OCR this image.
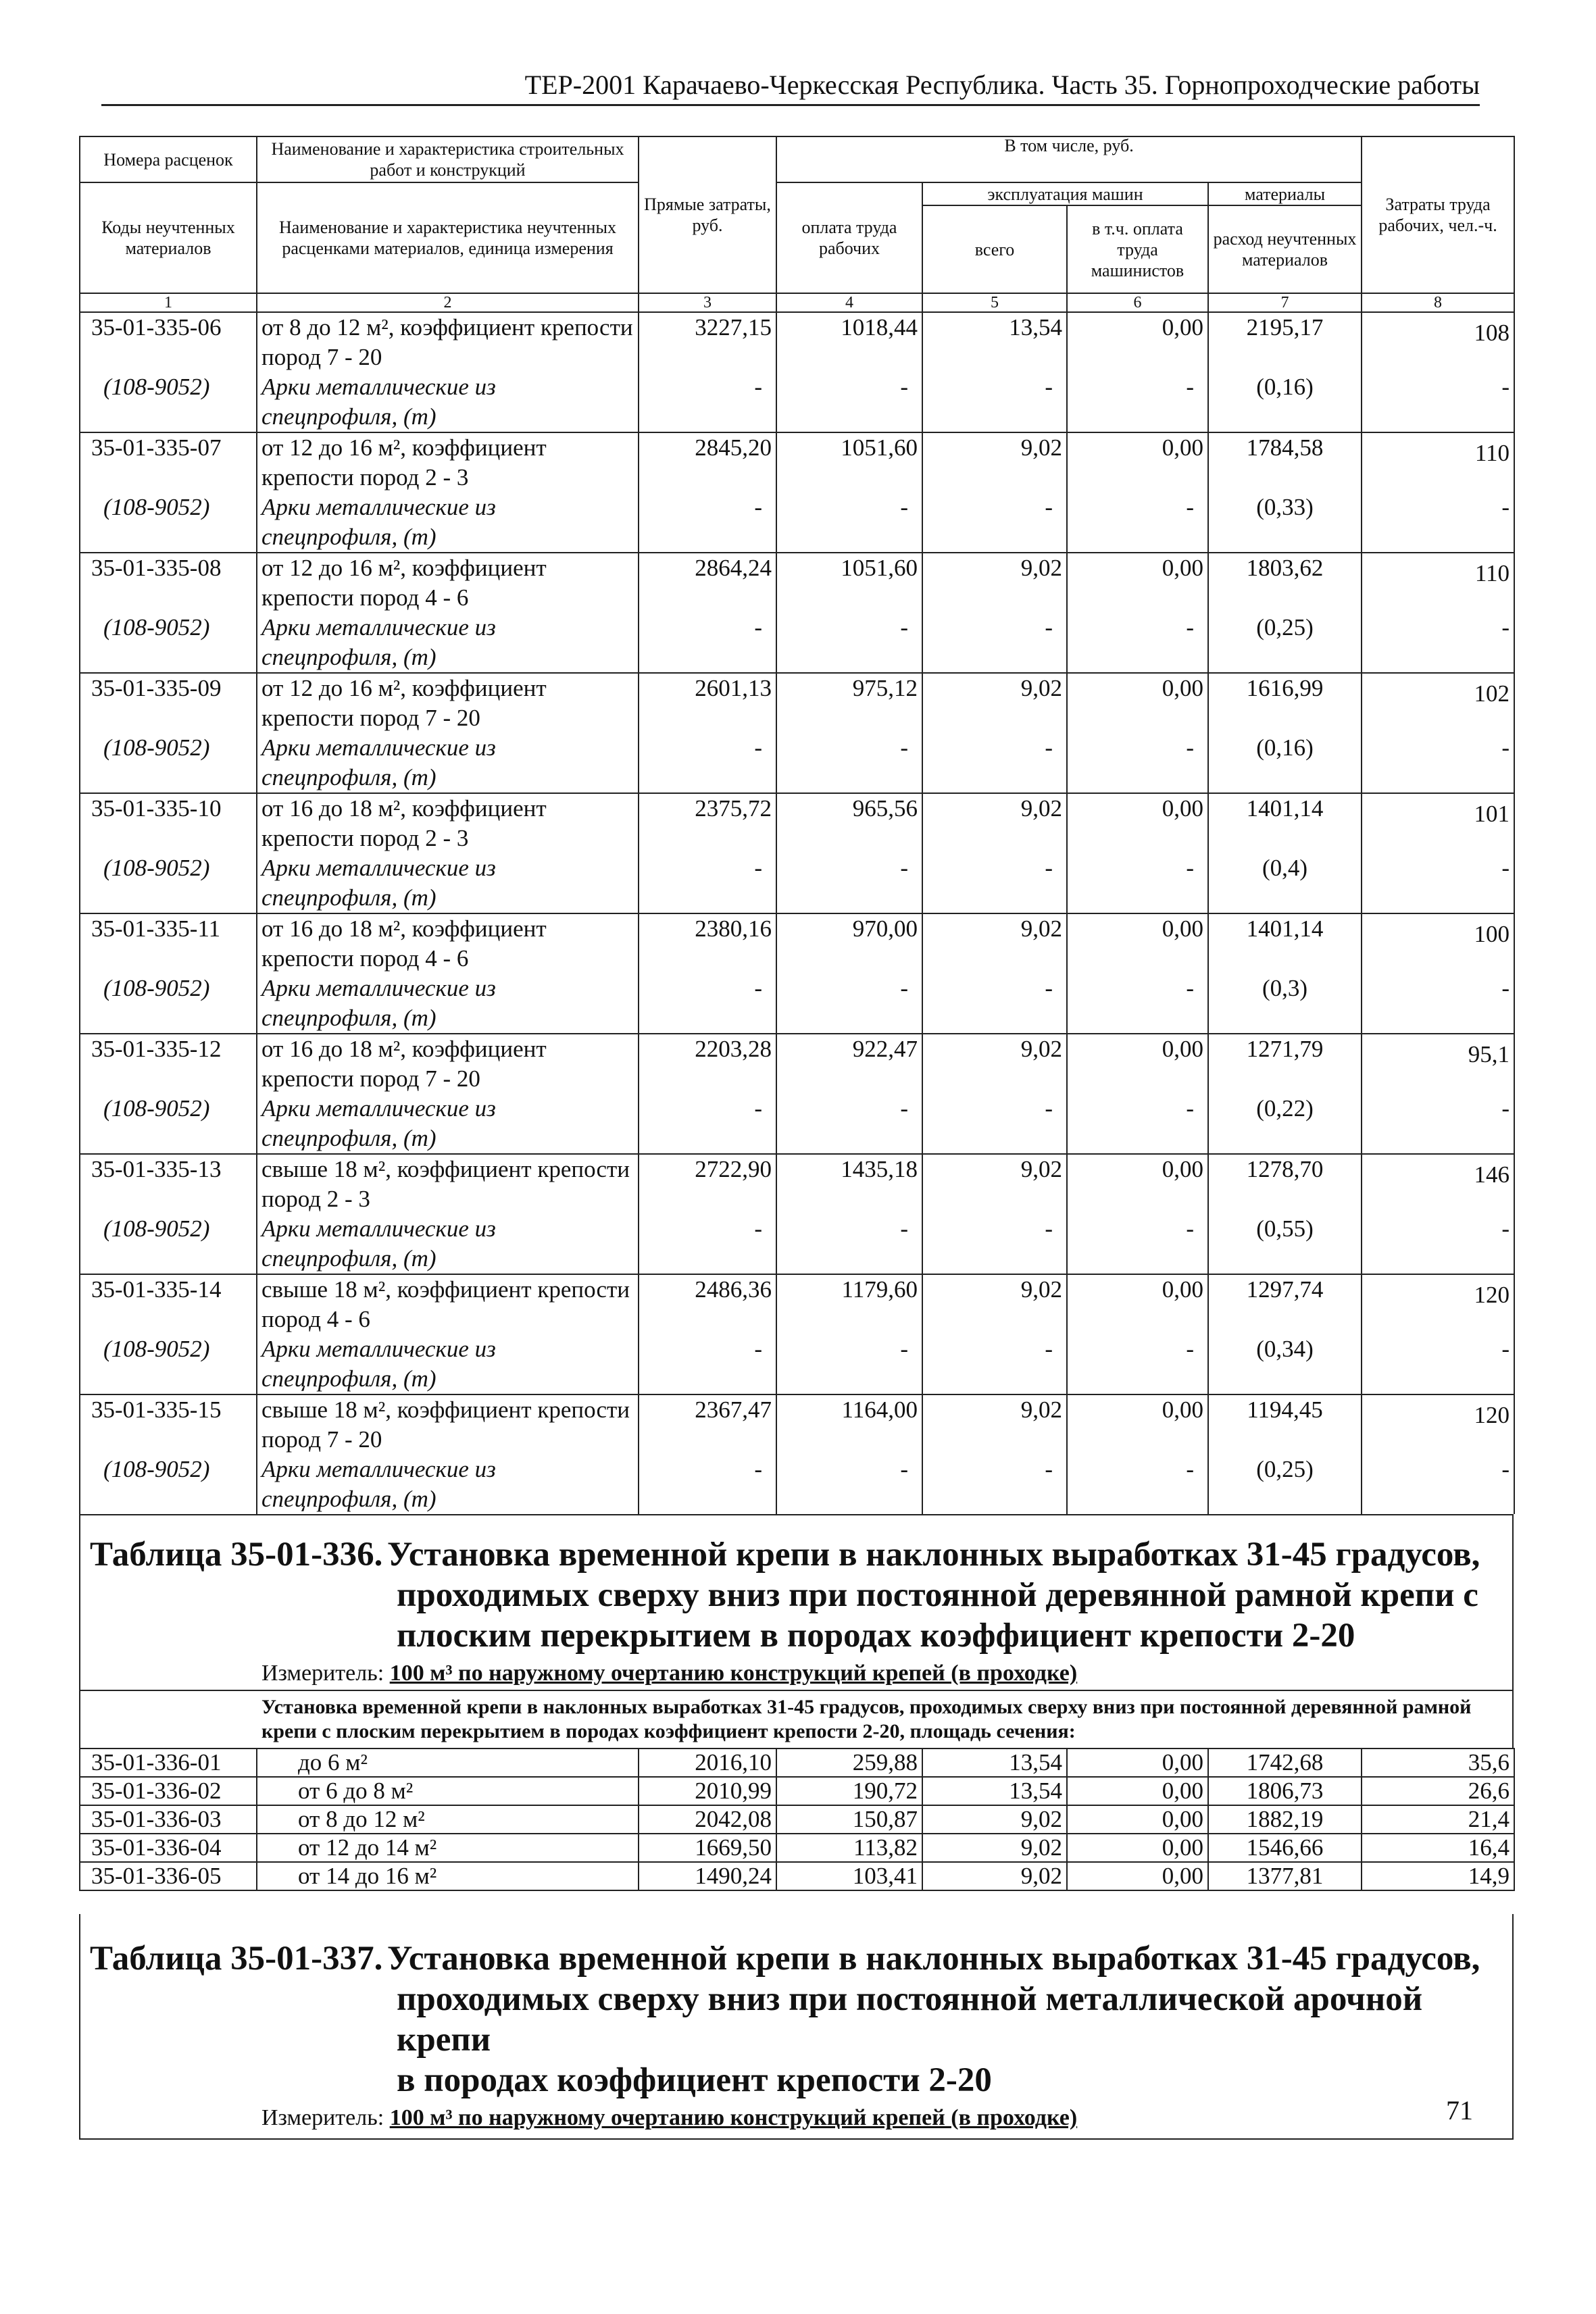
ТЕР-2001 Карачаево-Черкесская Республика. Часть 35. Горнопроходческие работы
Номера расценок	Наименование и характеристика строительных работ и конструкций	Прямые затраты, руб.	В том числе, руб.				Затраты труда рабочих, чел.-ч.
Коды неучтенных материалов	Наименование и характеристика неучтенных расценками материалов, единица измерения		оплата труда рабочих	эксплуатация машин		материалы	
				всего	в т.ч. оплата труда машинистов	расход неучтенных материалов	
1	2	3	4	5	6	7	8
35-01-335-06	от 8 до 12 м², коэффициент крепости пород 7 - 20	3227,15	1018,44	13,54	0,00	2195,17	108
(108-9052)	Арки металлические из спецпрофиля, (т)	-	-	-	-	(0,16)	-
35-01-335-07	от 12 до 16 м², коэффициент крепости пород 2 - 3	2845,20	1051,60	9,02	0,00	1784,58	110
(108-9052)	Арки металлические из спецпрофиля, (т)	-	-	-	-	(0,33)	-
35-01-335-08	от 12 до 16 м², коэффициент крепости пород 4 - 6	2864,24	1051,60	9,02	0,00	1803,62	110
(108-9052)	Арки металлические из спецпрофиля, (т)	-	-	-	-	(0,25)	-
35-01-335-09	от 12 до 16 м², коэффициент крепости пород 7 - 20	2601,13	975,12	9,02	0,00	1616,99	102
(108-9052)	Арки металлические из спецпрофиля, (т)	-	-	-	-	(0,16)	-
35-01-335-10	от 16 до 18 м², коэффициент крепости пород 2 - 3	2375,72	965,56	9,02	0,00	1401,14	101
(108-9052)	Арки металлические из спецпрофиля, (т)	-	-	-	-	(0,4)	-
35-01-335-11	от 16 до 18 м², коэффициент крепости пород 4 - 6	2380,16	970,00	9,02	0,00	1401,14	100
(108-9052)	Арки металлические из спецпрофиля, (т)	-	-	-	-	(0,3)	-
35-01-335-12	от 16 до 18 м², коэффициент крепости пород 7 - 20	2203,28	922,47	9,02	0,00	1271,79	95,1
(108-9052)	Арки металлические из спецпрофиля, (т)	-	-	-	-	(0,22)	-
35-01-335-13	свыше 18 м², коэффициент крепости пород 2 - 3	2722,90	1435,18	9,02	0,00	1278,70	146
(108-9052)	Арки металлические из спецпрофиля, (т)	-	-	-	-	(0,55)	-
35-01-335-14	свыше 18 м², коэффициент крепости пород 4 - 6	2486,36	1179,60	9,02	0,00	1297,74	120
(108-9052)	Арки металлические из спецпрофиля, (т)	-	-	-	-	(0,34)	-
35-01-335-15	свыше 18 м², коэффициент крепости пород 7 - 20	2367,47	1164,00	9,02	0,00	1194,45	120
(108-9052)	Арки металлические из спецпрофиля, (т)	-	-	-	-	(0,25)	-
Таблица 35-01-336. Установка временной крепи в наклонных выработках 31-45 градусов,
проходимых сверху вниз при постоянной деревянной рамной крепи с
плоским перекрытием в породах коэффициент крепости 2-20
Измеритель: 100 м³ по наружному очертанию конструкций крепей (в проходке)
Установка временной крепи в наклонных выработках 31-45 градусов, проходимых сверху вниз при постоянной деревянной рамной крепи с плоским перекрытием в породах коэффициент крепости 2-20, площадь сечения:
35-01-336-01	до 6 м²	2016,10	259,88	13,54	0,00	1742,68	35,6
35-01-336-02	от 6 до 8 м²	2010,99	190,72	13,54	0,00	1806,73	26,6
35-01-336-03	от 8 до 12 м²	2042,08	150,87	9,02	0,00	1882,19	21,4
35-01-336-04	от 12 до 14 м²	1669,50	113,82	9,02	0,00	1546,66	16,4
35-01-336-05	от 14 до 16 м²	1490,24	103,41	9,02	0,00	1377,81	14,9
Таблица 35-01-337. Установка временной крепи в наклонных выработках 31-45 градусов,
проходимых сверху вниз при постоянной металлической арочной крепи
в породах коэффициент крепости 2-20
Измеритель: 100 м³ по наружному очертанию конструкций крепей (в проходке)	71
